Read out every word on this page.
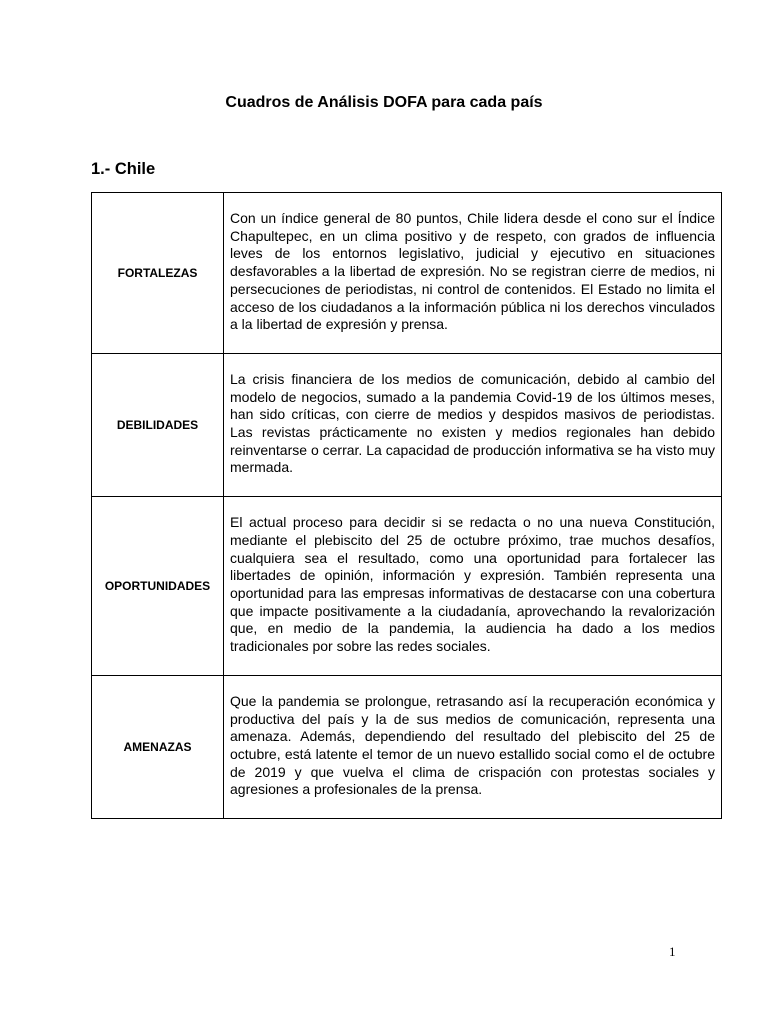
Cuadros de Análisis DOFA para cada país
1.- Chile
FORTALEZAS	Con un índice general de 80 puntos, Chile lidera desde el cono sur el Índice Chapultepec, en un clima positivo y de respeto, con grados de influencia leves de los entornos legislativo, judicial y ejecutivo en situaciones desfavorables a la libertad de expresión. No se registran cierre de medios, ni persecuciones de periodistas, ni control de contenidos. El Estado no limita el acceso de los ciudadanos a la información pública ni los derechos vinculados a la libertad de expresión y prensa.

DEBILIDADES	La crisis financiera de los medios de comunicación, debido al cambio del modelo de negocios, sumado a la pandemia Covid-19 de los últimos meses, han sido críticas, con cierre de medios y despidos masivos de periodistas. Las revistas prácticamente no existen y medios regionales han debido reinventarse o cerrar. La capacidad de producción informativa se ha visto muy mermada.

OPORTUNIDADES	El actual proceso para decidir si se redacta o no una nueva Constitución, mediante el plebiscito del 25 de octubre próximo, trae muchos desafíos, cualquiera sea el resultado, como una oportunidad para fortalecer las libertades de opinión, información y expresión. También representa una oportunidad para las empresas informativas de destacarse con una cobertura que impacte positivamente a la ciudadanía, aprovechando la revalorización que, en medio de la pandemia, la audiencia ha dado a los medios tradicionales por sobre las redes sociales.

AMENAZAS	Que la pandemia se prolongue, retrasando así la recuperación económica y productiva del país y la de sus medios de comunicación, representa una amenaza. Además, dependiendo del resultado del plebiscito del 25 de octubre, está latente el temor de un nuevo estallido social como el de octubre de 2019 y que vuelva el clima de crispación con protestas sociales y agresiones a profesionales de la prensa.
1
